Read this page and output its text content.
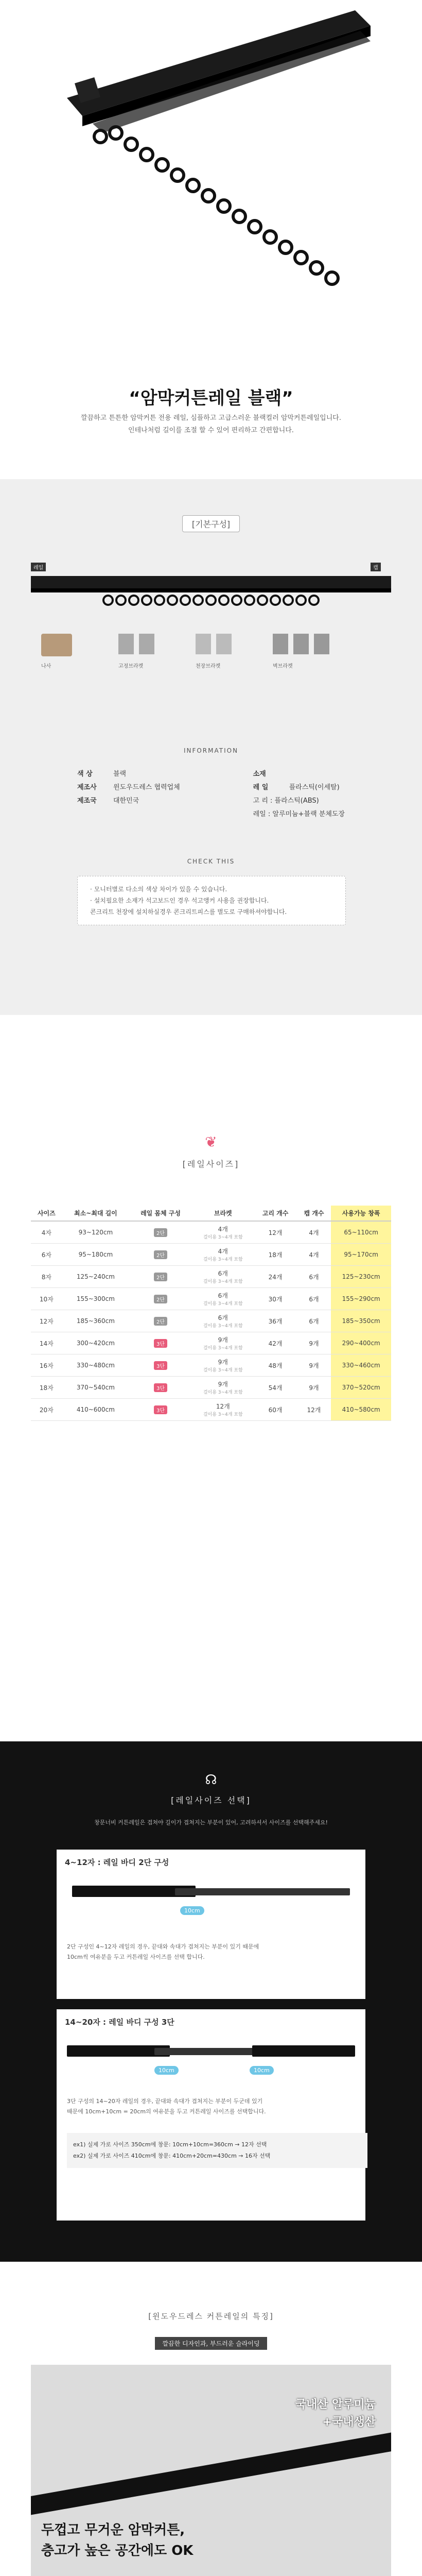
“암막커튼레일 블랙”
깔끔하고 튼튼한 암막커튼 전용 레일, 심플하고 고급스러운 블랙컬러 암막커튼레일입니다.
인테나처럼 길이를 조절 할 수 있어 편리하고 간편합니다.
[기본구성]
레일	캡
나사	고정브라켓	천장브라켓	벽브라켓
INFORMATION
색 상	블랙
제조사	윈도우드레스 협력업체
제조국	대한민국
소재
레 일	플라스틱(이세탈)
고 리 : 플라스틱(ABS)
레일 : 알루미늄+블랙 분체도장
CHECK THIS
· 모니터별로 다소의 색상 차이가 있을 수 있습니다.
· 설치필요한 소재가 석고보드인 경우 석고앵커 사용을 권장합니다.
콘크리트 천장에 설치하실경우 콘크리트피스를 별도로 구매하셔야합니다.
❦
[레일사이즈]
사이즈	최소~최대 길이	레일 몸체 구성	브라켓	고리 개수	캡 개수	사용가능 창폭
4자	93~120cm	2단	4개
걸이용 3~4개 포함	12개	4개	65~110cm
6자	95~180cm	2단	4개
걸이용 3~4개 포함	18개	4개	95~170cm
8자	125~240cm	2단	6개
걸이용 3~4개 포함	24개	6개	125~230cm
10자	155~300cm	2단	6개
걸이용 3~4개 포함	30개	6개	155~290cm
12자	185~360cm	2단	6개
걸이용 3~4개 포함	36개	6개	185~350cm
14자	300~420cm	3단	9개
걸이용 3~4개 포함	42개	9개	290~400cm
16자	330~480cm	3단	9개
걸이용 3~4개 포함	48개	9개	330~460cm
18자	370~540cm	3단	9개
걸이용 3~4개 포함	54개	9개	370~520cm
20자	410~600cm	3단	12개
걸이용 3~4개 포함	60개	12개	410~580cm
☊
[레일사이즈 선택]
창문너비 커튼레일은 겹쳐야 길이가 겹쳐지는 부분이 있어, 고려하셔서 사이즈를 선택해주세요!
4~12자 : 레일 바디 2단 구성
10cm
2단 구성인 4~12자 레일의 경우, 끝대와 속대가 겹쳐지는 부분이 있기 때문에
10cm씩 여유분을 두고 커튼레일 사이즈를 선택 합니다.
14~20자 : 레일 바디 구성 3단
10cm	10cm
3단 구성의 14~20자 레일의 경우, 끝대와 속대가 겹쳐지는 부분이 두군데 있기
때문에 10cm+10cm = 20cm의 여유분을 두고 커튼레일 사이즈를 선택합니다.
ex1) 실제 가로 사이즈 350cm에 창문: 10cm+10cm=360cm → 12자 선택
ex2) 실제 가로 사이즈 410cm에 창문: 410cm+20cm=430cm → 16자 선택
[윈도우드레스 커튼레일의 특징]
깔끔한 디자인과, 부드러운 슬라이딩
국내산 알루미늄
+국내생산
두껍고 무거운 암막커튼,
층고가 높은 공간에도 OK
